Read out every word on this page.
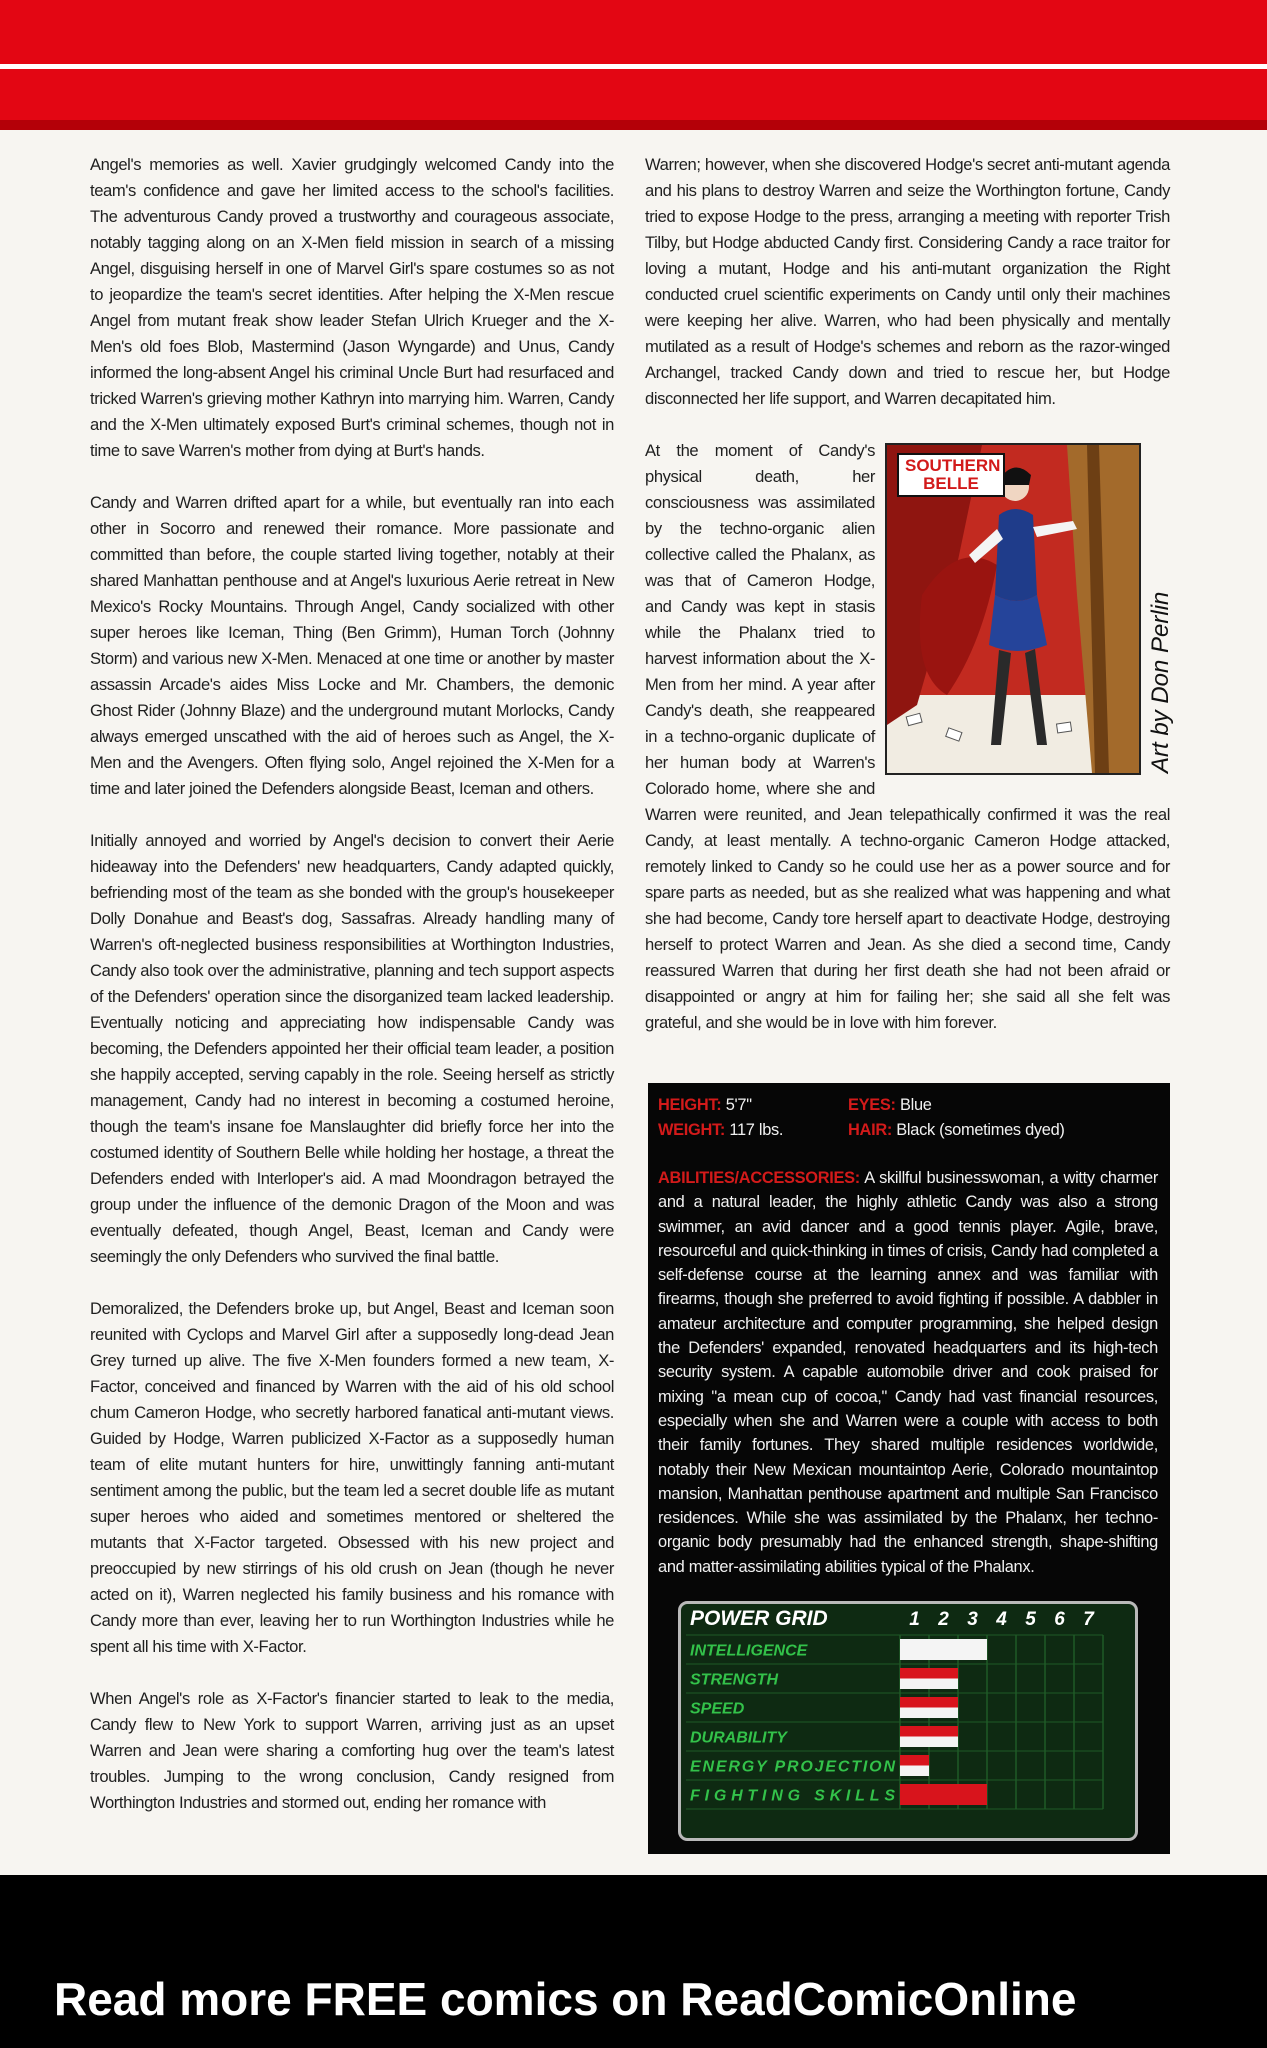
Angel's memories as well. Xavier grudgingly welcomed Candy into the team's confidence and gave her limited access to the school's facilities. The adventurous Candy proved a trustworthy and courageous associate, notably tagging along on an X-Men field mission in search of a missing Angel, disguising herself in one of Marvel Girl's spare costumes so as not to jeopardize the team's secret identities. After helping the X-Men rescue Angel from mutant freak show leader Stefan Ulrich Krueger and the X-Men's old foes Blob, Mastermind (Jason Wyngarde) and Unus, Candy informed the long-absent Angel his criminal Uncle Burt had resurfaced and tricked Warren's grieving mother Kathryn into marrying him. Warren, Candy and the X-Men ultimately exposed Burt's criminal schemes, though not in time to save Warren's mother from dying at Burt's hands.

Candy and Warren drifted apart for a while, but eventually ran into each other in Socorro and renewed their romance. More passionate and committed than before, the couple started living together, notably at their shared Manhattan penthouse and at Angel's luxurious Aerie retreat in New Mexico's Rocky Mountains. Through Angel, Candy socialized with other super heroes like Iceman, Thing (Ben Grimm), Human Torch (Johnny Storm) and various new X-Men. Menaced at one time or another by master assassin Arcade's aides Miss Locke and Mr. Chambers, the demonic Ghost Rider (Johnny Blaze) and the underground mutant Morlocks, Candy always emerged unscathed with the aid of heroes such as Angel, the X-Men and the Avengers. Often flying solo, Angel rejoined the X-Men for a time and later joined the Defenders alongside Beast, Iceman and others.

Initially annoyed and worried by Angel's decision to convert their Aerie hideaway into the Defenders' new headquarters, Candy adapted quickly, befriending most of the team as she bonded with the group's housekeeper Dolly Donahue and Beast's dog, Sassafras. Already handling many of Warren's oft-neglected business responsibilities at Worthington Industries, Candy also took over the administrative, planning and tech support aspects of the Defenders' operation since the disorganized team lacked leadership. Eventually noticing and appreciating how indispensable Candy was becoming, the Defenders appointed her their official team leader, a position she happily accepted, serving capably in the role. Seeing herself as strictly management, Candy had no interest in becoming a costumed heroine, though the team's insane foe Manslaughter did briefly force her into the costumed identity of Southern Belle while holding her hostage, a threat the Defenders ended with Interloper's aid. A mad Moondragon betrayed the group under the influence of the demonic Dragon of the Moon and was eventually defeated, though Angel, Beast, Iceman and Candy were seemingly the only Defenders who survived the final battle.

Demoralized, the Defenders broke up, but Angel, Beast and Iceman soon reunited with Cyclops and Marvel Girl after a supposedly long-dead Jean Grey turned up alive. The five X-Men founders formed a new team, X-Factor, conceived and financed by Warren with the aid of his old school chum Cameron Hodge, who secretly harbored fanatical anti-mutant views. Guided by Hodge, Warren publicized X-Factor as a supposedly human team of elite mutant hunters for hire, unwittingly fanning anti-mutant sentiment among the public, but the team led a secret double life as mutant super heroes who aided and sometimes mentored or sheltered the mutants that X-Factor targeted. Obsessed with his new project and preoccupied by new stirrings of his old crush on Jean (though he never acted on it), Warren neglected his family business and his romance with Candy more than ever, leaving her to run Worthington Industries while he spent all his time with X-Factor.

When Angel's role as X-Factor's financier started to leak to the media, Candy flew to New York to support Warren, arriving just as an upset Warren and Jean were sharing a comforting hug over the team's latest troubles. Jumping to the wrong conclusion, Candy resigned from Worthington Industries and stormed out, ending her romance with

Warren; however, when she discovered Hodge's secret anti-mutant agenda and his plans to destroy Warren and seize the Worthington fortune, Candy tried to expose Hodge to the press, arranging a meeting with reporter Trish Tilby, but Hodge abducted Candy first. Considering Candy a race traitor for loving a mutant, Hodge and his anti-mutant organization the Right conducted cruel scientific experiments on Candy until only their machines were keeping her alive. Warren, who had been physically and mentally mutilated as a result of Hodge's schemes and reborn as the razor-winged Archangel, tracked Candy down and tried to rescue her, but Hodge disconnected her life support, and Warren decapitated him.

SOUTHERN
BELLE
Art by Don Perlin

At the moment of Candy's physical death, her consciousness was assimilated by the techno-organic alien collective called the Phalanx, as was that of Cameron Hodge, and Candy was kept in stasis while the Phalanx tried to harvest information about the X-Men from her mind. A year after Candy's death, she reappeared in a techno-organic duplicate of her human body at Warren's Colorado home, where she and Warren were reunited, and Jean telepathically confirmed it was the real Candy, at least mentally. A techno-organic Cameron Hodge attacked, remotely linked to Candy so he could use her as a power source and for spare parts as needed, but as she realized what was happening and what she had become, Candy tore herself apart to deactivate Hodge, destroying herself to protect Warren and Jean. As she died a second time, Candy reassured Warren that during her first death she had not been afraid or disappointed or angry at him for failing her; she said all she felt was grateful, and she would be in love with him forever.

HEIGHT: 5'7"
WEIGHT: 117 lbs.
EYES: Blue
HAIR: Black (sometimes dyed)
ABILITIES/ACCESSORIES: A skillful businesswoman, a witty charmer and a natural leader, the highly athletic Candy was also a strong swimmer, an avid dancer and a good tennis player. Agile, brave, resourceful and quick-thinking in times of crisis, Candy had completed a self-defense course at the learning annex and was familiar with firearms, though she preferred to avoid fighting if possible. A dabbler in amateur architecture and computer programming, she helped design the Defenders' expanded, renovated headquarters and its high-tech security system. A capable automobile driver and cook praised for mixing "a mean cup of cocoa," Candy had vast financial resources, especially when she and Warren were a couple with access to both their family fortunes. They shared multiple residences worldwide, notably their New Mexican mountaintop Aerie, Colorado mountaintop mansion, Manhattan penthouse apartment and multiple San Francisco residences. While she was assimilated by the Phalanx, her techno-organic body presumably had the enhanced strength, shape-shifting and matter-assimilating abilities typical of the Phalanx.
POWER GRID	1 2 3 4 5 6 7
INTELLIGENCE
STRENGTH
SPEED
DURABILITY
ENERGY PROJECTION
FIGHTING SKILLS
Read more FREE comics on ReadComicOnline
